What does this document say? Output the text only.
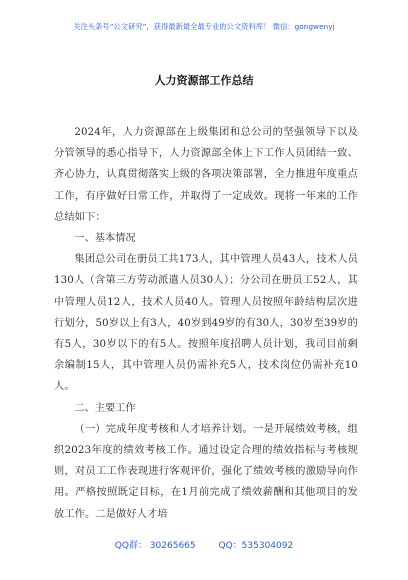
关注头条号“公文研究”，获得最新最全最专业的公文资料库！ 微信：gongwenyj
人力资源部工作总结

2024年，人力资源部在上级集团和总公司的坚强领导下以及分管领导的悉心指导下，人力资源部全体上下工作人员团结一致、齐心协力，认真贯彻落实上级的各项决策部署，全力推进年度重点工作，有序做好日常工作，并取得了一定成效。现将一年来的工作总结如下：

一、基本情况

集团总公司在册员工共173人，其中管理人员43人，技术人员130人（含第三方劳动派遣人员30人）；分公司在册员工52人，其中管理人员12人，技术人员40人。管理人员按照年龄结构层次进行划分，50岁以上有3人，40岁到49岁的有30人，30岁至39岁的有5人，30岁以下的有5人。按照年度招聘人员计划，我司目前剩余编制15人，其中管理人员仍需补充5人，技术岗位仍需补充10人。

二、主要工作

（一）完成年度考核和人才培养计划。一是开展绩效考核，组织2023年度的绩效考核工作。通过设定合理的绩效指标与考核规则，对员工工作表现进行客观评价，强化了绩效考核的激励导向作用。严格按照既定目标，在1月前完成了绩效薪酬和其他项目的发放工作。二是做好人才培

QQ群： 30265665	QQ：535304092
